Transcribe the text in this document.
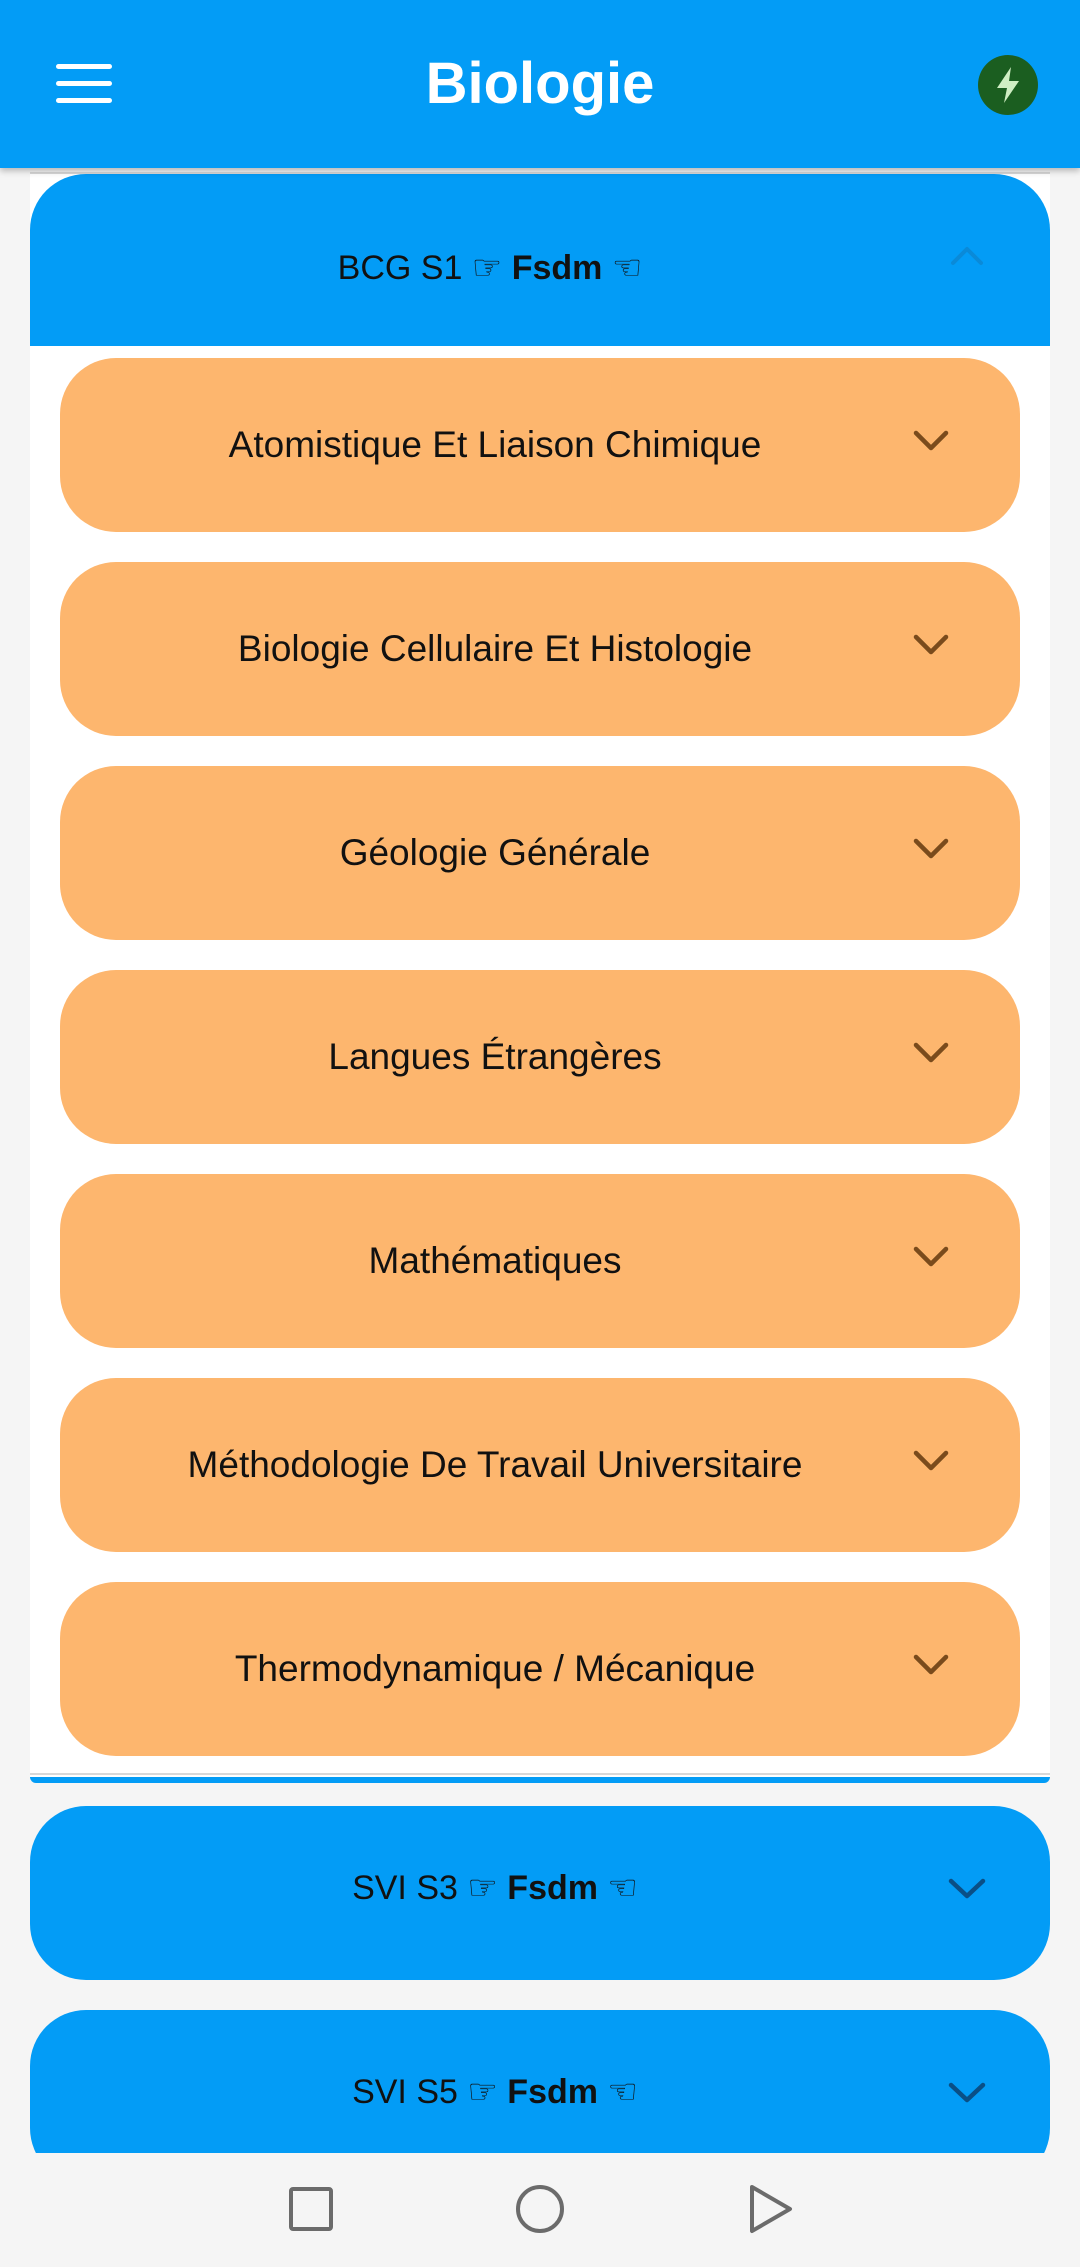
Biologie
BCG S1 ☞ Fsdm ☜
Atomistique Et Liaison Chimique
Biologie Cellulaire Et Histologie
Géologie Générale
Langues Étrangères
Mathématiques
Méthodologie De Travail Universitaire
Thermodynamique / Mécanique
SVI S3 ☞ Fsdm ☜
SVI S5 ☞ Fsdm ☜
